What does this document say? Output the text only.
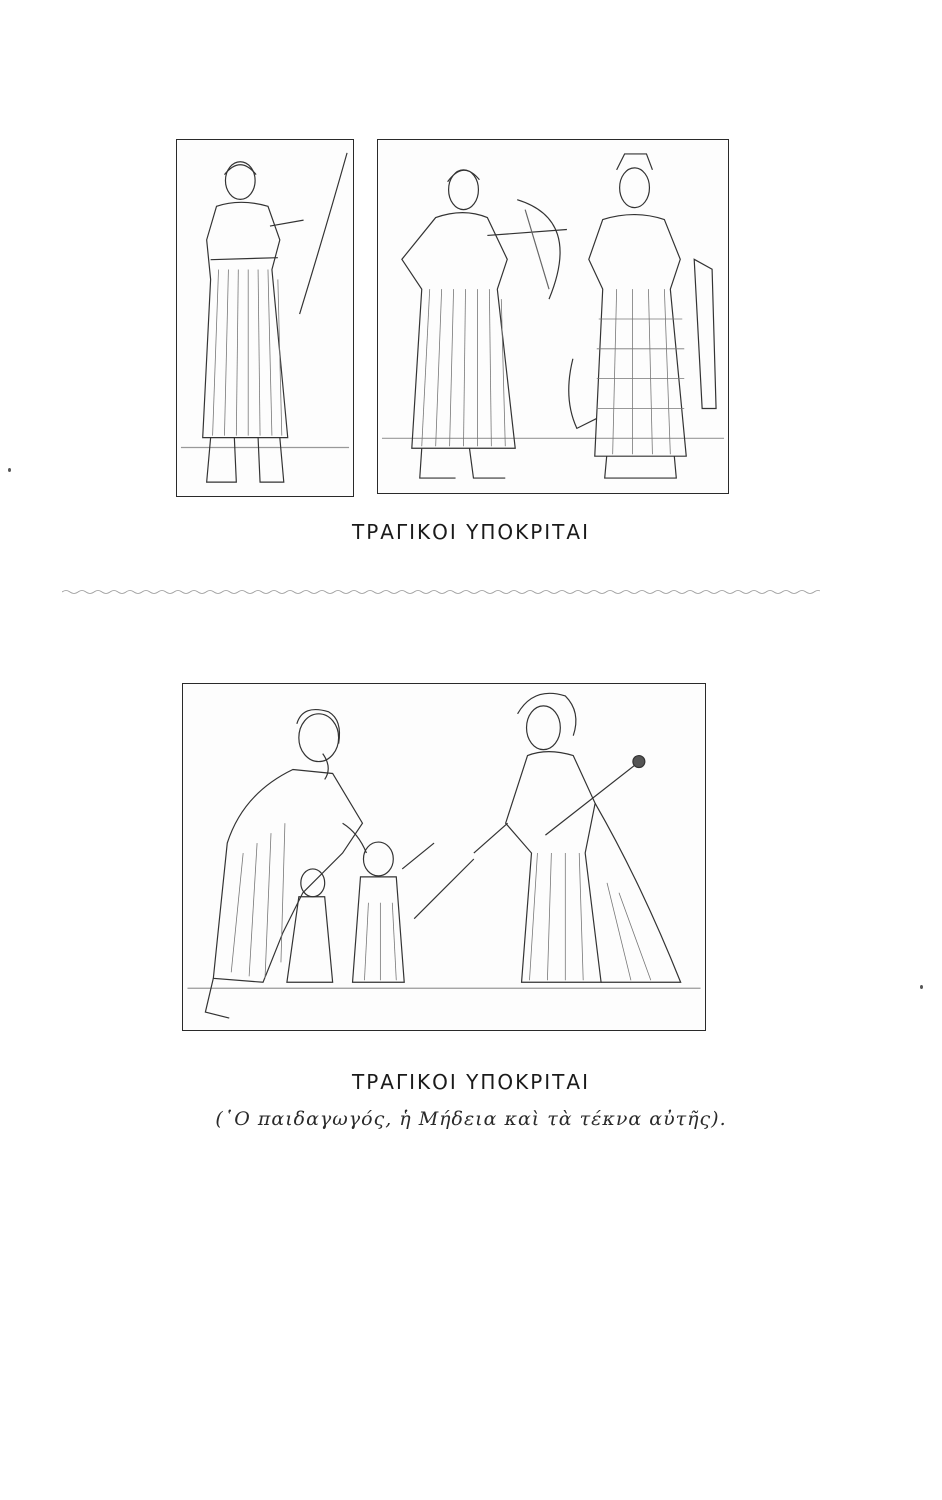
ΤΡΑΓΙΚΟΙ ΥΠΟΚΡΙΤΑΙ
ΤΡΑΓΙΚΟΙ ΥΠΟΚΡΙΤΑΙ
(῾Ο παιδαγωγός, ἡ Μήδεια καὶ τὰ τέκνα αὐτῆς).
